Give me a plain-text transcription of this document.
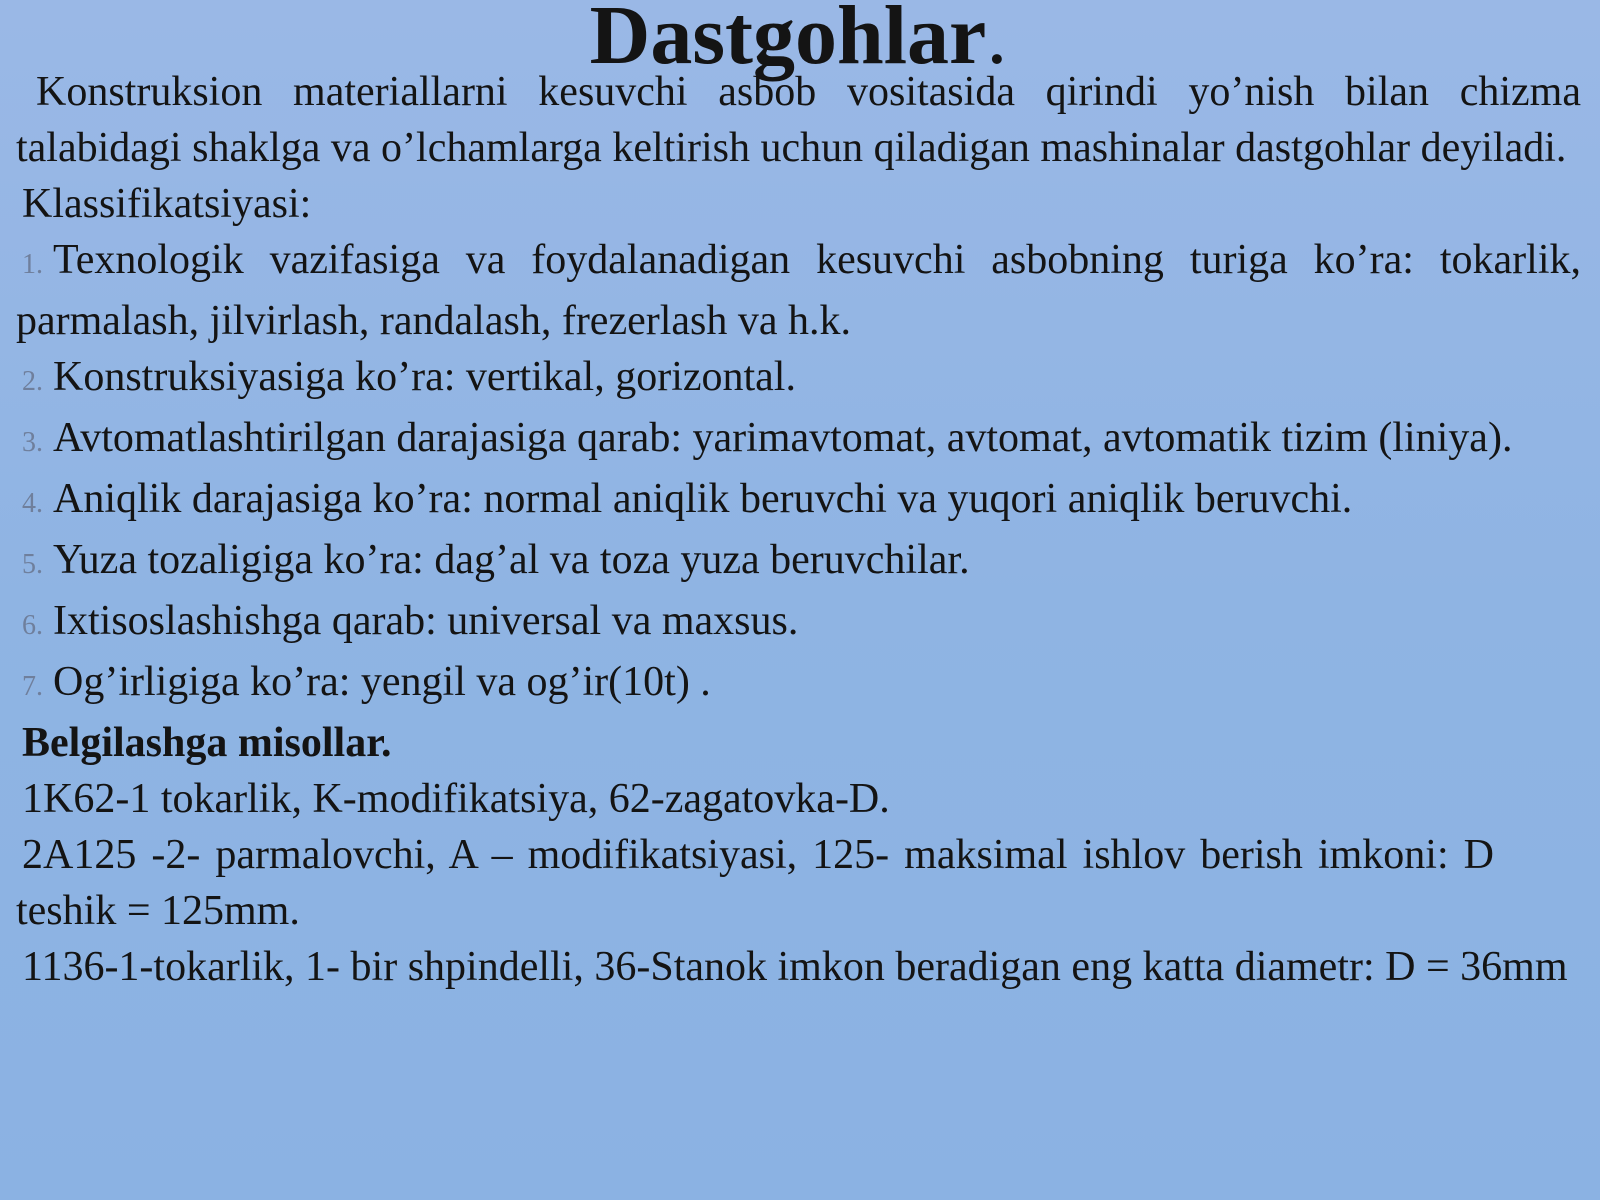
Dastgohlar.

Konstruksion materiallarni kesuvchi asbob vositasida qirindi yo’nish bilan chizma talabidagi shaklga va o’lchamlarga keltirish uchun qiladigan mashinalar dastgohlar deyiladi.

Klassifikatsiyasi:

1. Texnologik vazifasiga va foydalanadigan kesuvchi asbobning turiga ko’ra: tokarlik, parmalash, jilvirlash, randalash, frezerlash va h.k.
2. Konstruksiyasiga ko’ra: vertikal, gorizontal.
3. Avtomatlashtirilgan darajasiga qarab: yarimavtomat, avtomat, avtomatik tizim (liniya).
4. Aniqlik darajasiga ko’ra: normal aniqlik beruvchi va yuqori aniqlik beruvchi.
5. Yuza tozaligiga ko’ra: dag’al va toza yuza beruvchilar.
6. Ixtisoslashishga qarab: universal va maxsus.
7. Og’irligiga ko’ra: yengil va og’ir(10t) .

Belgilashga misollar.

1K62-1 tokarlik, K-modifikatsiya, 62-zagatovka-D.

2A125 -2- parmalovchi, A – modifikatsiyasi, 125- maksimal ishlov berish imkoni: D teshik = 125mm.

1136-1-tokarlik, 1- bir shpindelli, 36-Stanok imkon beradigan eng katta diametr: D = 36mm
